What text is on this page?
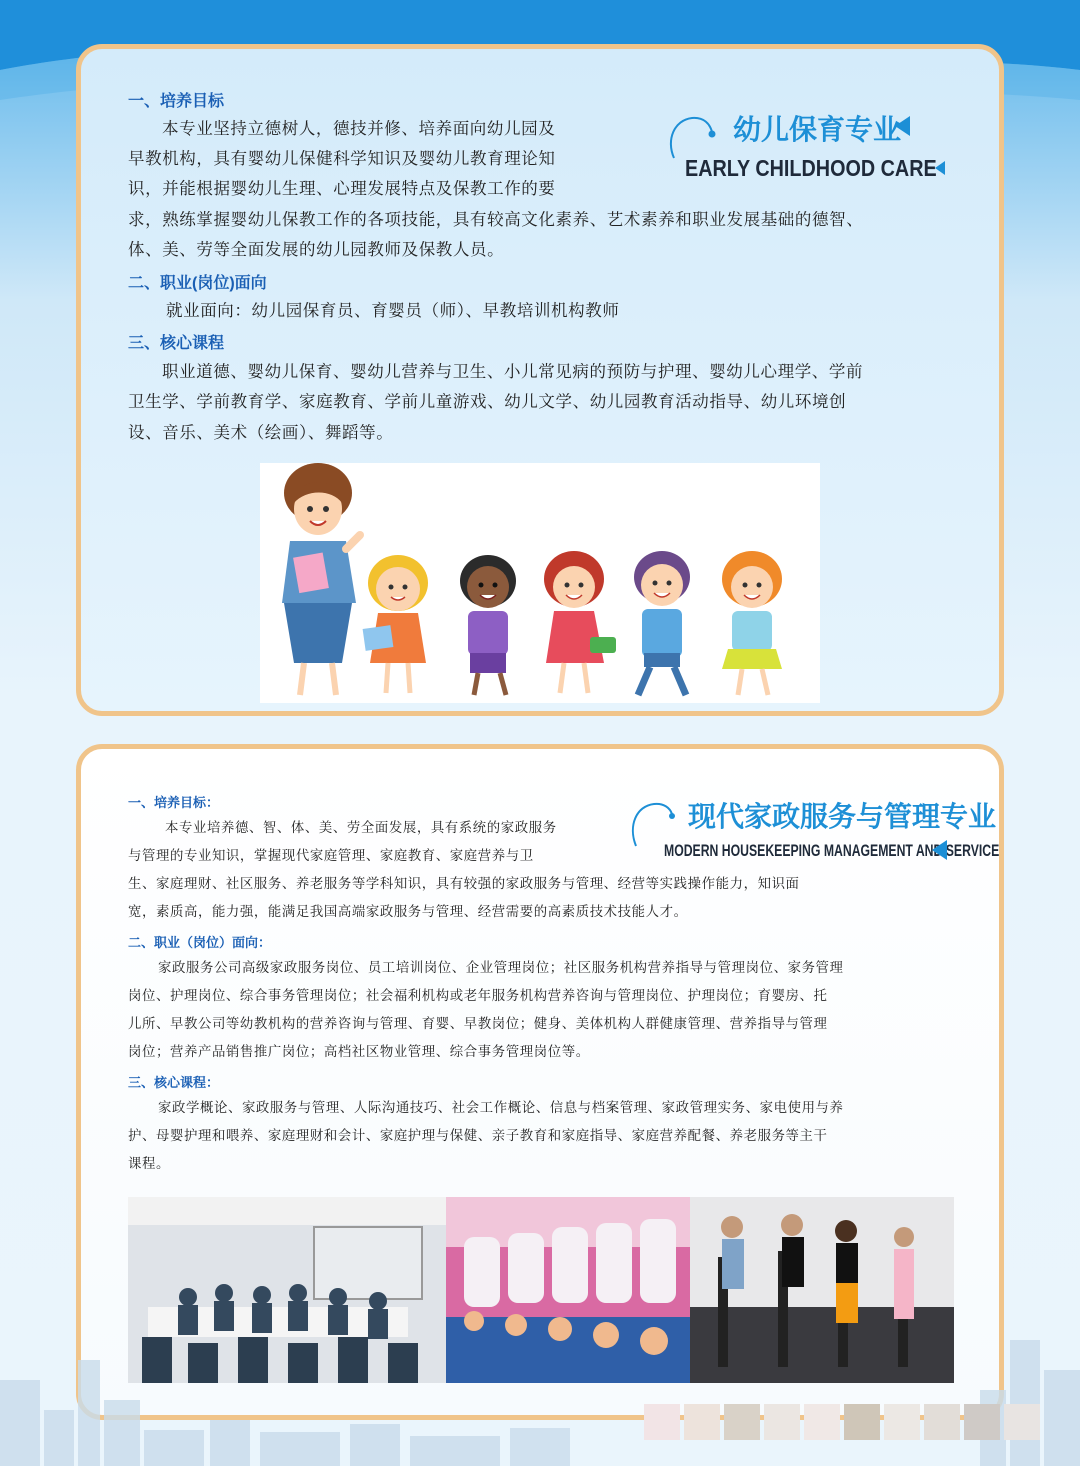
一、培养目标
本专业坚持立德树人，德技并修、培养面向幼儿园及
早教机构，具有婴幼儿保健科学知识及婴幼儿教育理论知
识，并能根据婴幼儿生理、心理发展特点及保教工作的要
求，熟练掌握婴幼儿保教工作的各项技能，具有较高文化素养、艺术素养和职业发展基础的德智、
体、美、劳等全面发展的幼儿园教师及保教人员。
二、职业(岗位)面向
就业面向：幼儿园保育员、育婴员（师）、早教培训机构教师
三、核心课程
职业道德、婴幼儿保育、婴幼儿营养与卫生、小儿常见病的预防与护理、婴幼儿心理学、学前
卫生学、学前教育学、家庭教育、学前儿童游戏、幼儿文学、幼儿园教育活动指导、幼儿环境创
设、音乐、美术（绘画）、舞蹈等。
幼儿保育专业
EARLY CHILDHOOD CARE
一、培养目标：
本专业培养德、智、体、美、劳全面发展，具有系统的家政服务
与管理的专业知识，掌握现代家庭管理、家庭教育、家庭营养与卫
生、家庭理财、社区服务、养老服务等学科知识，具有较强的家政服务与管理、经营等实践操作能力，知识面
宽，素质高，能力强，能满足我国高端家政服务与管理、经营需要的高素质技术技能人才。
二、职业（岗位）面向：
家政服务公司高级家政服务岗位、员工培训岗位、企业管理岗位；社区服务机构营养指导与管理岗位、家务管理
岗位、护理岗位、综合事务管理岗位；社会福利机构或老年服务机构营养咨询与管理岗位、护理岗位；育婴房、托
儿所、早教公司等幼教机构的营养咨询与管理、育婴、早教岗位；健身、美体机构人群健康管理、营养指导与管理
岗位；营养产品销售推广岗位；高档社区物业管理、综合事务管理岗位等。
三、核心课程：
家政学概论、家政服务与管理、人际沟通技巧、社会工作概论、信息与档案管理、家政管理实务、家电使用与养
护、母婴护理和喂养、家庭理财和会计、家庭护理与保健、亲子教育和家庭指导、家庭营养配餐、养老服务等主干
课程。
现代家政服务与管理专业
MODERN HOUSEKEEPING MANAGEMENT AND SERVICE
